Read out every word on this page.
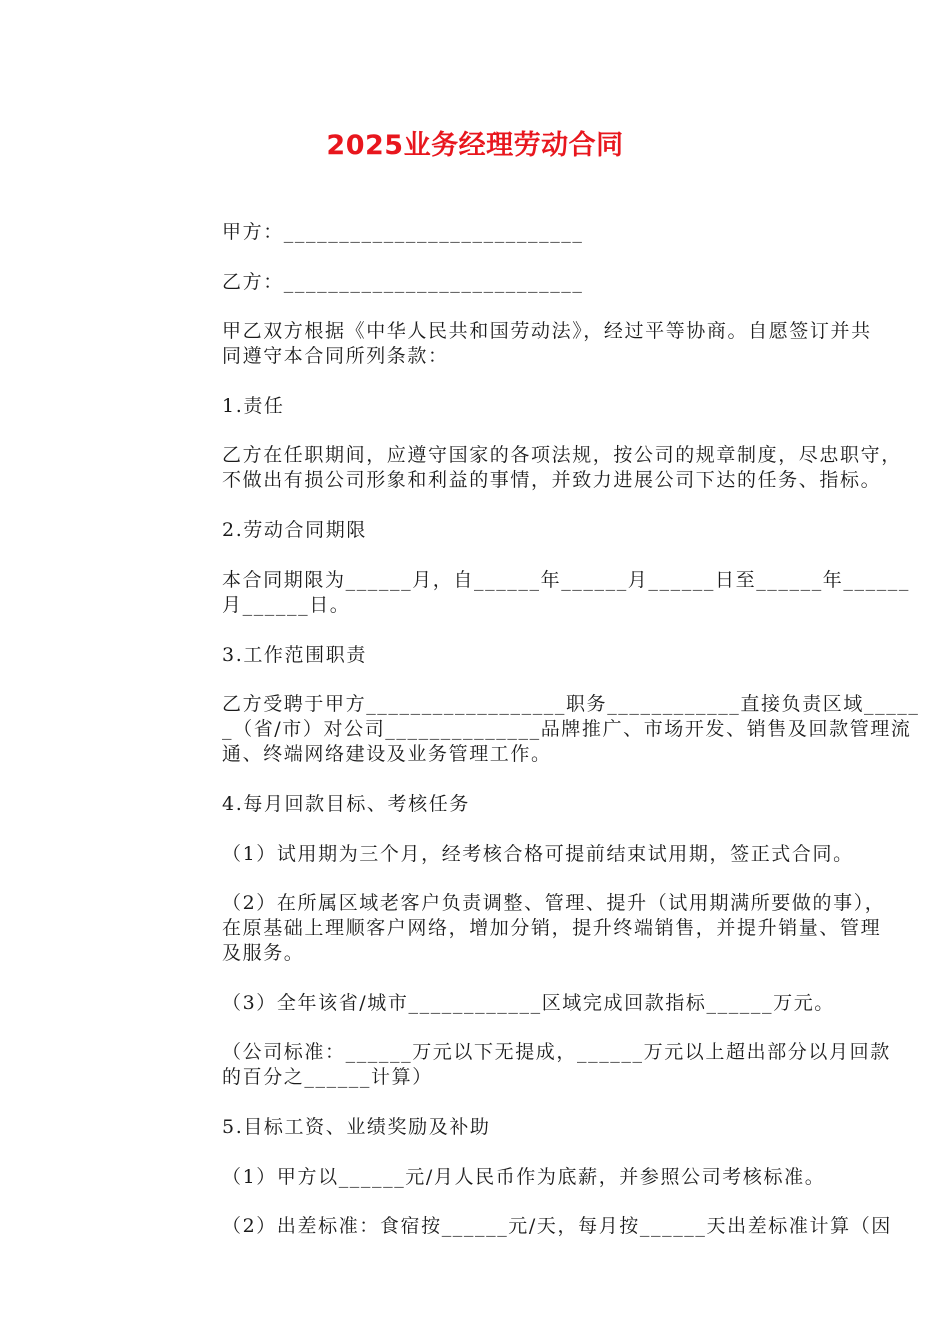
2025业务经理劳动合同
甲方：___________________________
乙方：___________________________
甲乙双方根据《中华人民共和国劳动法》，经过平等协商。自愿签订并共
同遵守本合同所列条款：
1.责任
乙方在任职期间，应遵守国家的各项法规，按公司的规章制度，尽忠职守，
不做出有损公司形象和利益的事情，并致力进展公司下达的任务、指标。
2.劳动合同期限
本合同期限为______月，自______年______月______日至______年______
月______日。
3.工作范围职责
乙方受聘于甲方__________________职务____________直接负责区域_____
_（省/市）对公司______________品牌推广、市场开发、销售及回款管理流
通、终端网络建设及业务管理工作。
4.每月回款目标、考核任务
（1）试用期为三个月，经考核合格可提前结束试用期，签正式合同。
（2）在所属区域老客户负责调整、管理、提升（试用期满所要做的事），
在原基础上理顺客户网络，增加分销，提升终端销售，并提升销量、管理
及服务。
（3）全年该省/城市____________区域完成回款指标______万元。
（公司标准：______万元以下无提成，______万元以上超出部分以月回款
的百分之______计算）
5.目标工资、业绩奖励及补助
（1）甲方以______元/月人民币作为底薪，并参照公司考核标准。
（2）出差标准：食宿按______元/天，每月按______天出差标准计算（因
